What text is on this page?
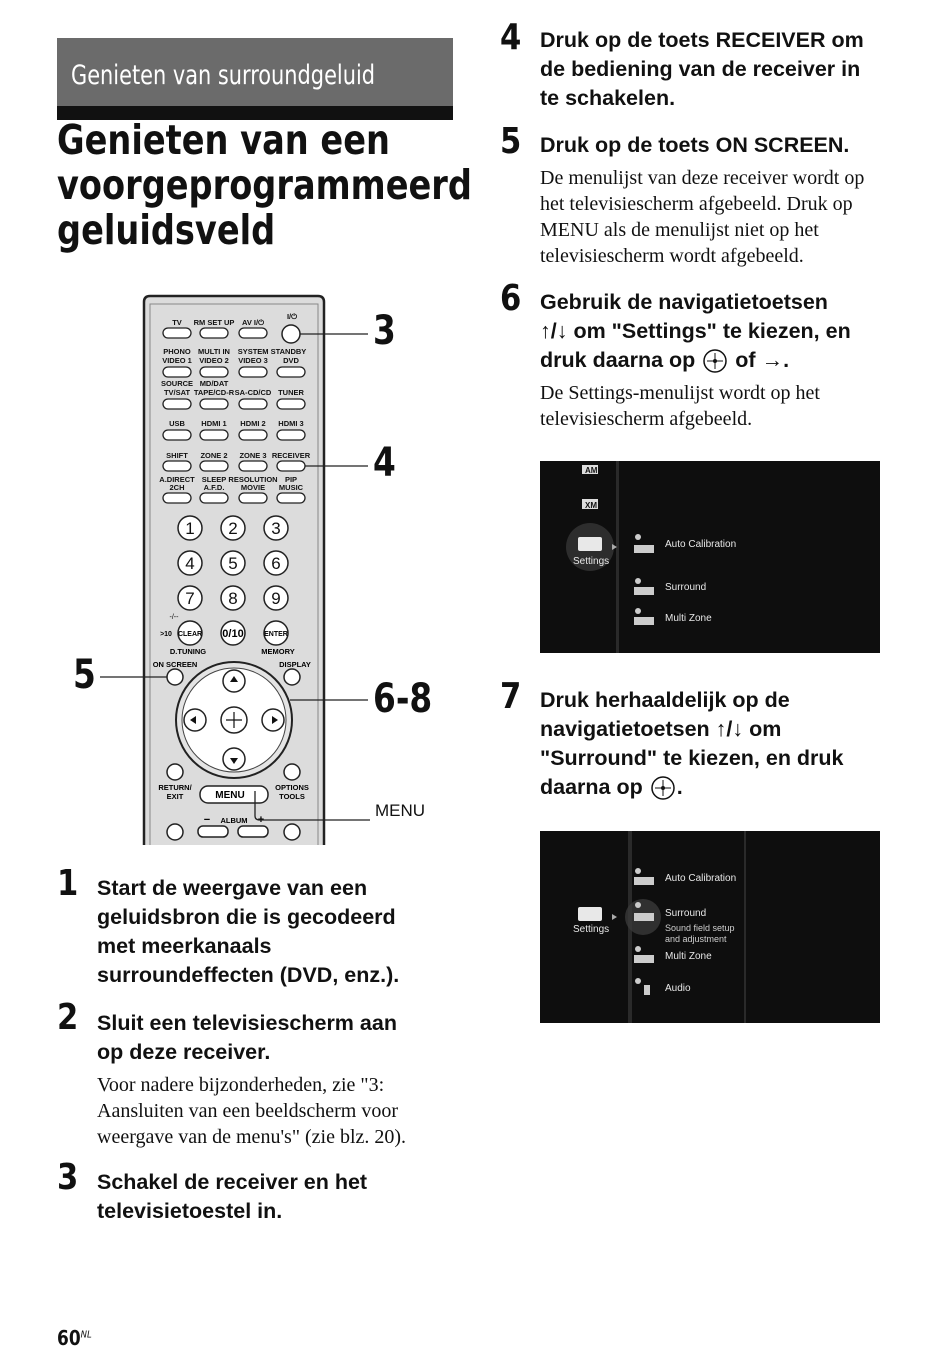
Genieten van surroundgeluid
Genieten van een
voorgeprogrammeerd
geluidsveld
TV RM SET UP AV I/⏻
I/⏻
PHONO MULTI IN SYSTEM STANDBY
VIDEO 1 VIDEO 2 VIDEO 3 DVD
SOURCE MD/DAT
TV/SAT TAPE/CD-R SA-CD/CD TUNER
USB HDMI 1 HDMI 2 HDMI 3
SHIFT ZONE 2 ZONE 3 RECEIVER
A.DIRECT SLEEP RESOLUTION PIP
2CH	A.F.D. MOVIE MUSIC
1 2 3
4 5 6
7 8 9
-/--
>10 CLEAR	ENTER
0/10
D.TUNING	MEMORY
ON SCREEN	DISPLAY
RETURN/
EXIT
OPTIONS
TOOLS
ALBUM
MENU
−	+
3
4
5
6-8
MENU
1 Start de weergave van een
geluidsbron die is gecodeerd
met meerkanaals
surroundeffecten (DVD, enz.).
2 Sluit een televisiescherm aan
op deze receiver.
Voor nadere bijzonderheden, zie "3:
Aansluiten van een beeldscherm voor
weergave van de menu's" (zie blz. 20).
3 Schakel de receiver en het
televisietoestel in.
4 Druk op de toets RECEIVER om
de bediening van de receiver in
te schakelen.
5 Druk op de toets ON SCREEN.
De menulijst van deze receiver wordt op
het televisiescherm afgebeeld. Druk op
MENU als de menulijst niet op het
televisiescherm wordt afgebeeld.
6 Gebruik de navigatietoetsen
↑/↓ om "Settings" te kiezen, en
druk daarna op of →.
De Settings-menulijst wordt op het
televisiescherm afgebeeld.
AM
XM
Settings
Auto Calibration
Surround
Multi Zone
7 Druk herhaaldelijk op de
navigatietoetsen ↑/↓ om
"Surround" te kiezen, en druk
daarna op .
Settings
Auto Calibration
Surround
Sound field setup
and adjustment
Multi Zone
Audio
$60^{NL}$
